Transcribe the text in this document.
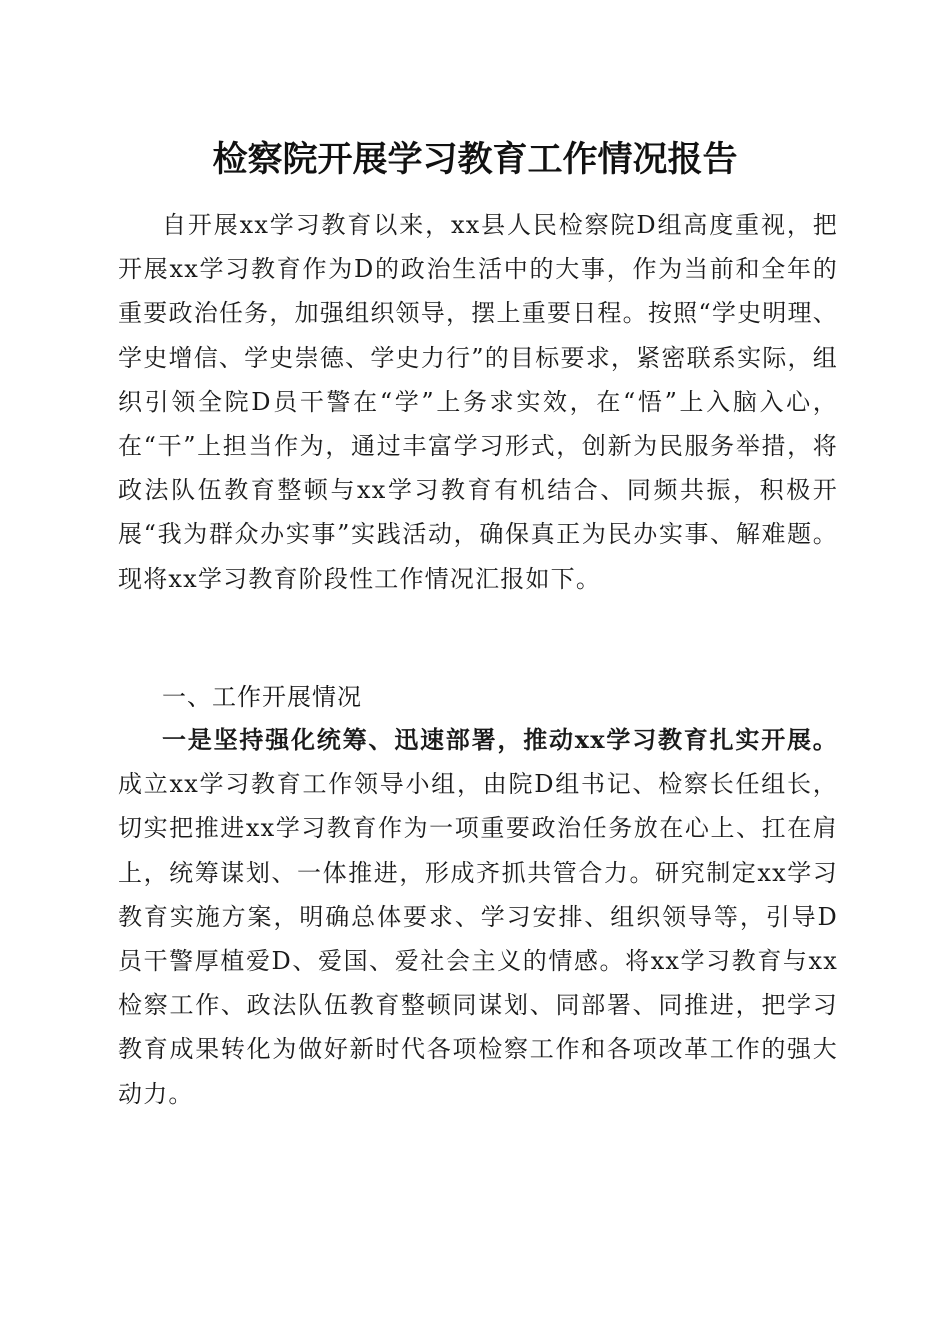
检察院开展学习教育工作情况报告

自开展xx学习教育以来，xx县人民检察院D组高度重视，把开展xx学习教育作为D的政治生活中的大事，作为当前和全年的重要政治任务，加强组织领导，摆上重要日程。按照“学史明理、学史增信、学史崇德、学史力行”的目标要求，紧密联系实际，组织引领全院D员干警在“学”上务求实效，在“悟”上入脑入心，在“干”上担当作为，通过丰富学习形式，创新为民服务举措，将政法队伍教育整顿与xx学习教育有机结合、同频共振，积极开展“我为群众办实事”实践活动，确保真正为民办实事、解难题。现将xx学习教育阶段性工作情况汇报如下。

一、工作开展情况

一是坚持强化统筹、迅速部署，推动xx学习教育扎实开展。成立xx学习教育工作领导小组，由院D组书记、检察长任组长，切实把推进xx学习教育作为一项重要政治任务放在心上、扛在肩上，统筹谋划、一体推进，形成齐抓共管合力。研究制定xx学习教育实施方案，明确总体要求、学习安排、组织领导等，引导D员干警厚植爱D、爱国、爱社会主义的情感。将xx学习教育与xx检察工作、政法队伍教育整顿同谋划、同部署、同推进，把学习教育成果转化为做好新时代各项检察工作和各项改革工作的强大动力。
